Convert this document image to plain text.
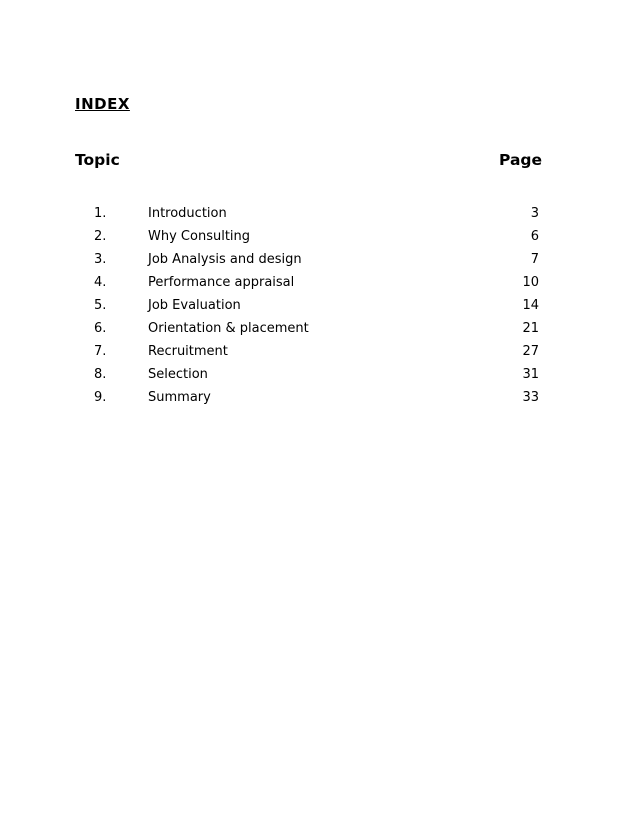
INDEX
Topic	Page
1.	Introduction	3
2.	Why Consulting	6
3.	Job Analysis and design	7
4.	Performance appraisal	10
5.	Job Evaluation	14
6.	Orientation & placement	21
7.	Recruitment	27
8.	Selection	31
9.	Summary	33
